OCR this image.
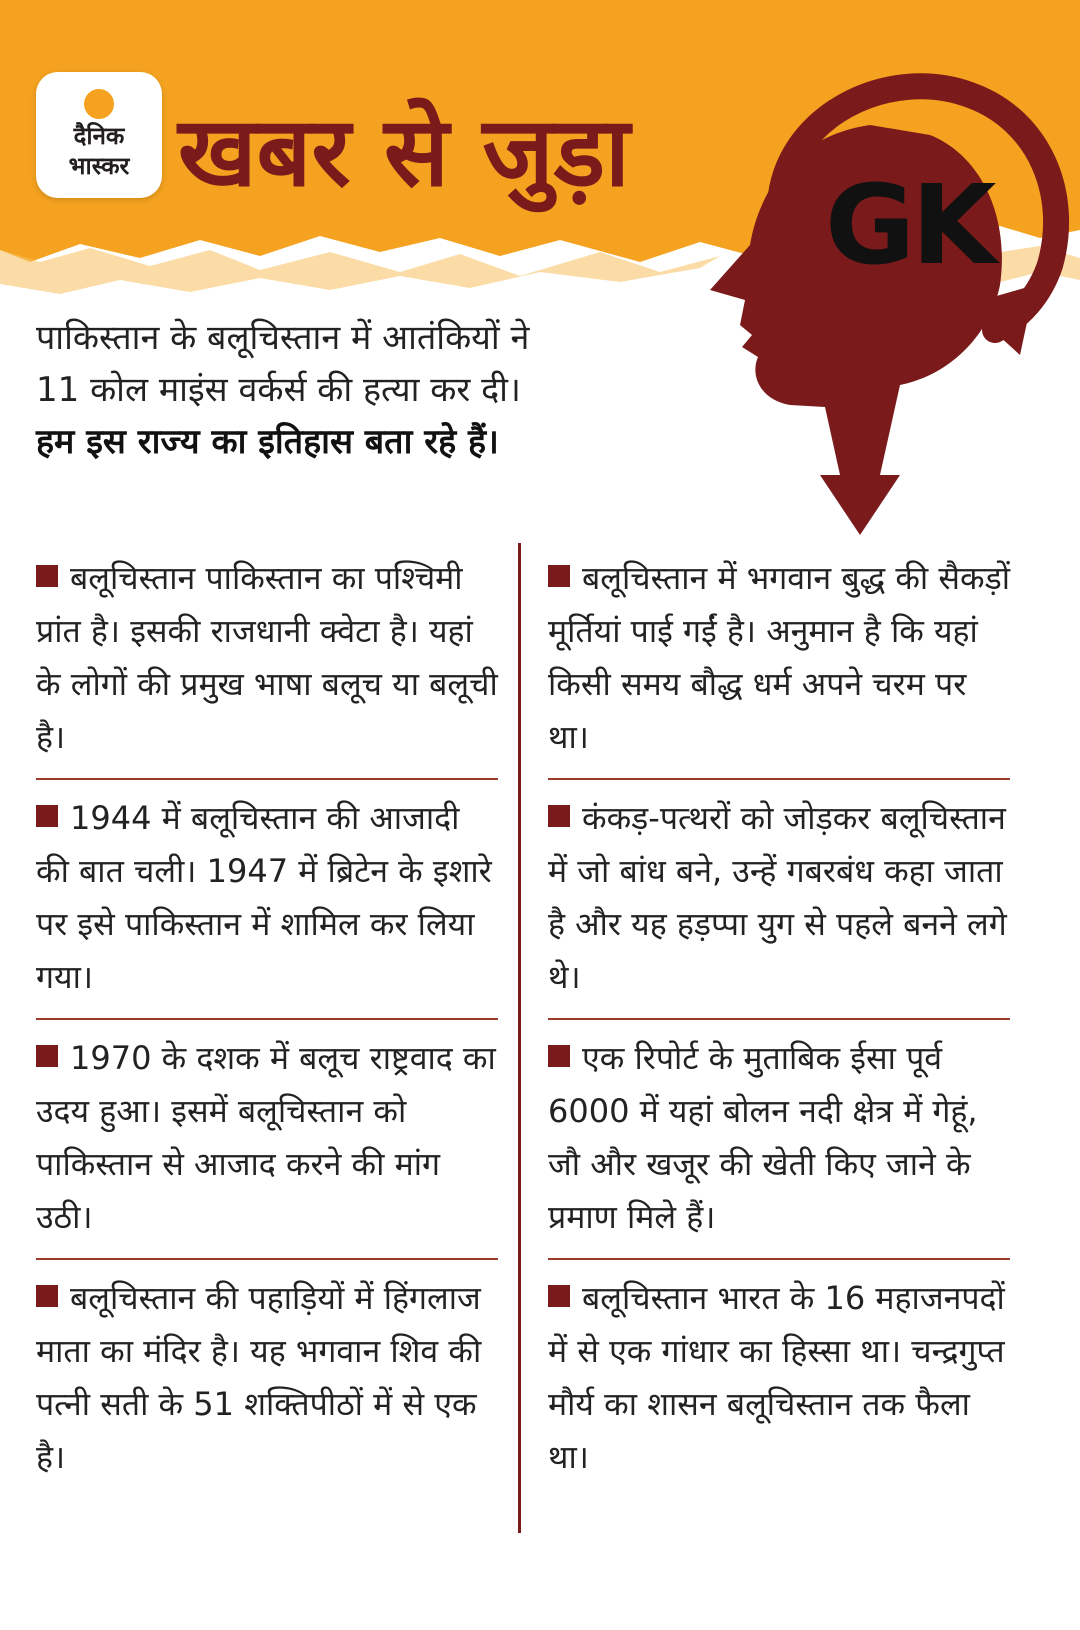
दैनिक
भास्कर खबर से जुड़ा
GK

पाकिस्तान के बलूचिस्तान में आतंकियों ने

11 कोल माइंस वर्कर्स की हत्या कर दी।

हम इस राज्य का इतिहास बता रहे हैं।

बलूचिस्तान पाकिस्तान का पश्चिमी प्रांत है। इसकी राजधानी क्वेटा है। यहां के लोगों की प्रमुख भाषा बलूच या बलूची है।
1944 में बलूचिस्तान की आजादी की बात चली। 1947 में ब्रिटेन के इशारे पर इसे पाकिस्तान में शामिल कर लिया गया।
1970 के दशक में बलूच राष्ट्रवाद का उदय हुआ। इसमें बलूचिस्तान को पाकिस्तान से आजाद करने की मांग उठी।
बलूचिस्तान की पहाड़ियों में हिंगलाज माता का मंदिर है। यह भगवान शिव की पत्नी सती के 51 शक्तिपीठों में से एक है।
बलूचिस्तान में भगवान बुद्ध की सैकड़ों मूर्तियां पाई गईं है। अनुमान है कि यहां किसी समय बौद्ध धर्म अपने चरम पर था।
कंकड़-पत्थरों को जोड़कर बलूचिस्तान में जो बांध बने, उन्हें गबरबंध कहा जाता है और यह हड़प्पा युग से पहले बनने लगे थे।
एक रिपोर्ट के मुताबिक ईसा पूर्व 6000 में यहां बोलन नदी क्षेत्र में गेहूं, जौ और खजूर की खेती किए जाने के प्रमाण मिले हैं।
बलूचिस्तान भारत के 16 महाजनपदों में से एक गांधार का हिस्सा था। चन्द्रगुप्त मौर्य का शासन बलूचिस्तान तक फैला था।
